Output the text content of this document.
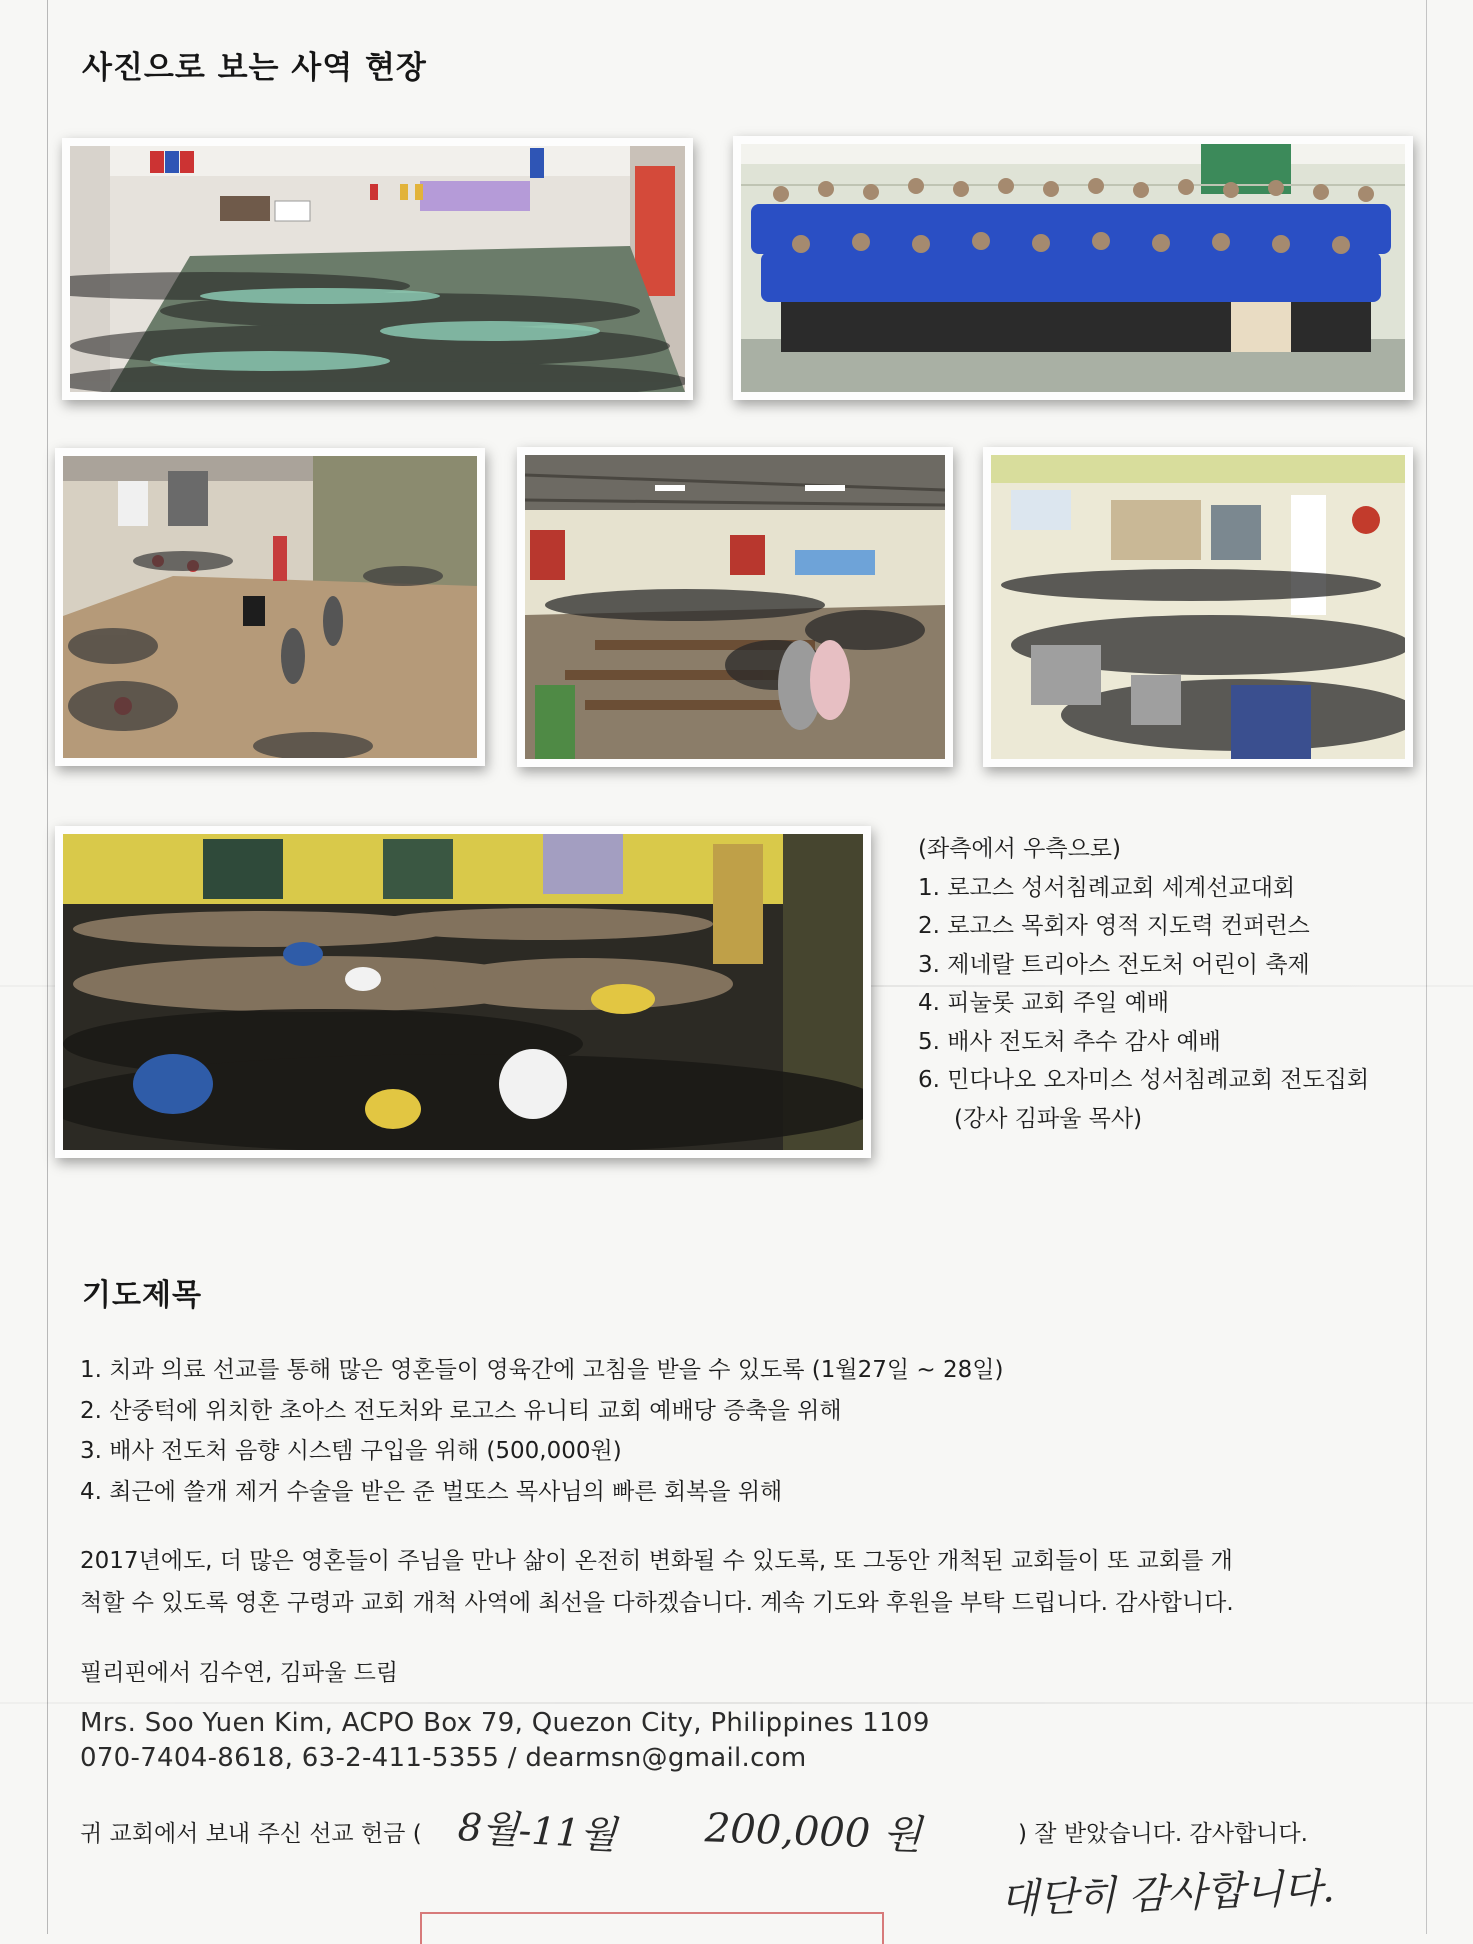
사진으로 보는 사역 현장
(좌측에서 우측으로)
1. 로고스 성서침례교회 세계선교대회
2. 로고스 목회자 영적 지도력 컨퍼런스
3. 제네랄 트리아스 전도처 어린이 축제
4. 피눌롯 교회 주일 예배
5. 배사 전도처 추수 감사 예배
6. 민다나오 오자미스 성서침례교회 전도집회
(강사 김파울 목사)
기도제목
1. 치과 의료 선교를 통해 많은 영혼들이 영육간에 고침을 받을 수 있도록 (1월27일 ~ 28일)
2. 산중턱에 위치한 초아스 전도처와 로고스 유니티 교회 예배당 증축을 위해
3. 배사 전도처 음향 시스템 구입을 위해 (500,000원)
4. 최근에 쓸개 제거 수술을 받은 준 벌또스 목사님의 빠른 회복을 위해
2017년에도, 더 많은 영혼들이 주님을 만나 삶이 온전히 변화될 수 있도록, 또 그동안 개척된 교회들이 또 교회를 개
척할 수 있도록 영혼 구령과 교회 개척 사역에 최선을 다하겠습니다. 계속 기도와 후원을 부탁 드립니다. 감사합니다.
필리핀에서 김수연, 김파울 드림
Mrs. Soo Yuen Kim, ACPO Box 79, Quezon City, Philippines 1109
070-7404-8618, 63-2-411-5355 / dearmsn@gmail.com
귀 교회에서 보내 주신 선교 헌금 ( 8월-11월 200,000 원	) 잘 받았습니다. 감사합니다.
대단히 감사합니다.
